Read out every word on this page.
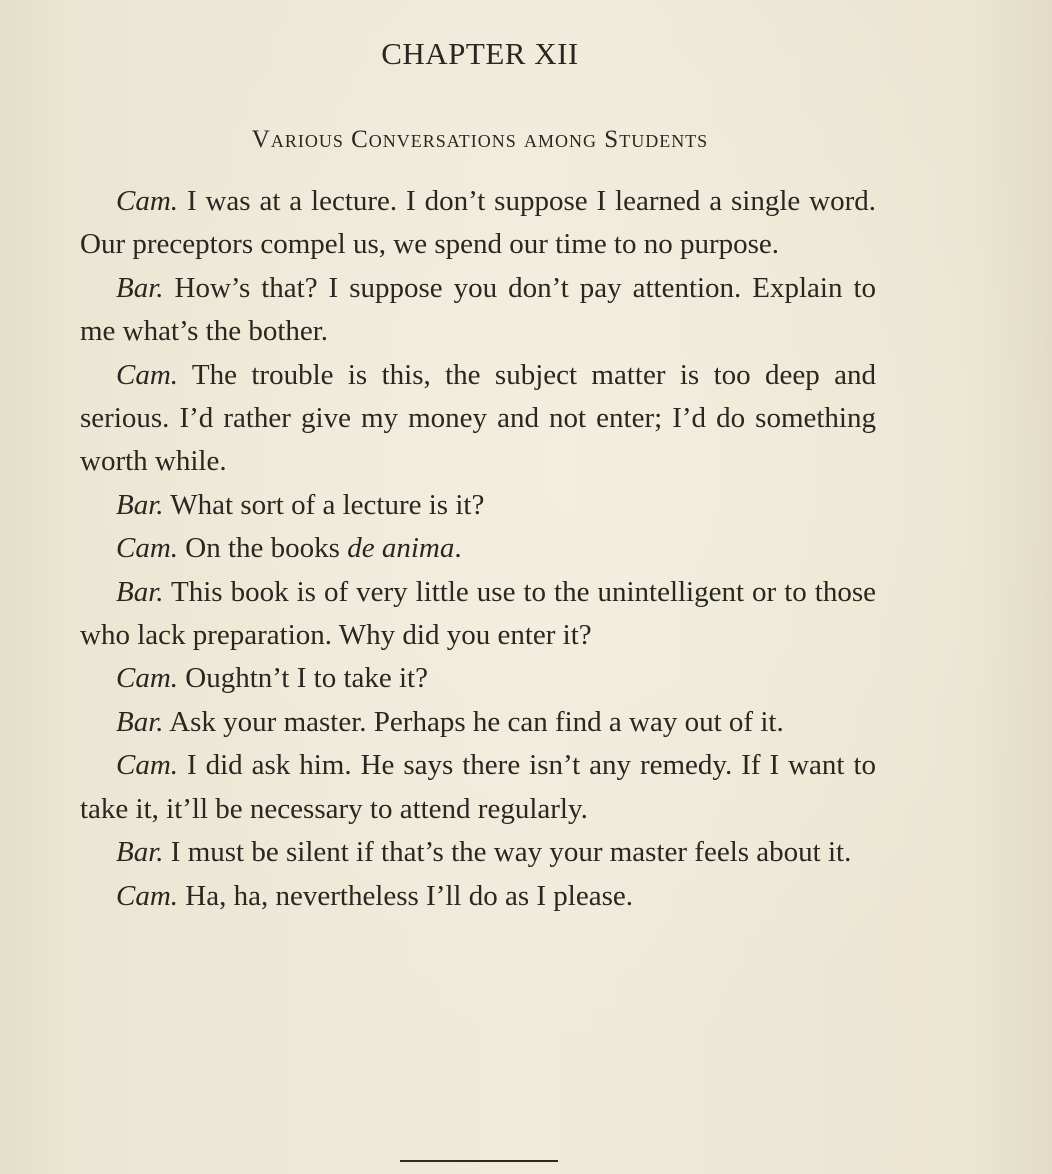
CHAPTER XII
Various Conversations among Students

Cam. I was at a lecture. I don’t suppose I learned a single word. Our preceptors compel us, we spend our time to no purpose.

Bar. How’s that? I suppose you don’t pay attention. Explain to me what’s the bother.

Cam. The trouble is this, the subject matter is too deep and serious. I’d rather give my money and not enter; I’d do something worth while.

Bar. What sort of a lecture is it?

Cam. On the books de anima.

Bar. This book is of very little use to the unintelligent or to those who lack preparation. Why did you enter it?

Cam. Oughtn’t I to take it?

Bar. Ask your master. Perhaps he can find a way out of it.

Cam. I did ask him. He says there isn’t any remedy. If I want to take it, it’ll be necessary to attend regularly.

Bar. I must be silent if that’s the way your master feels about it.

Cam. Ha, ha, nevertheless I’ll do as I please.
